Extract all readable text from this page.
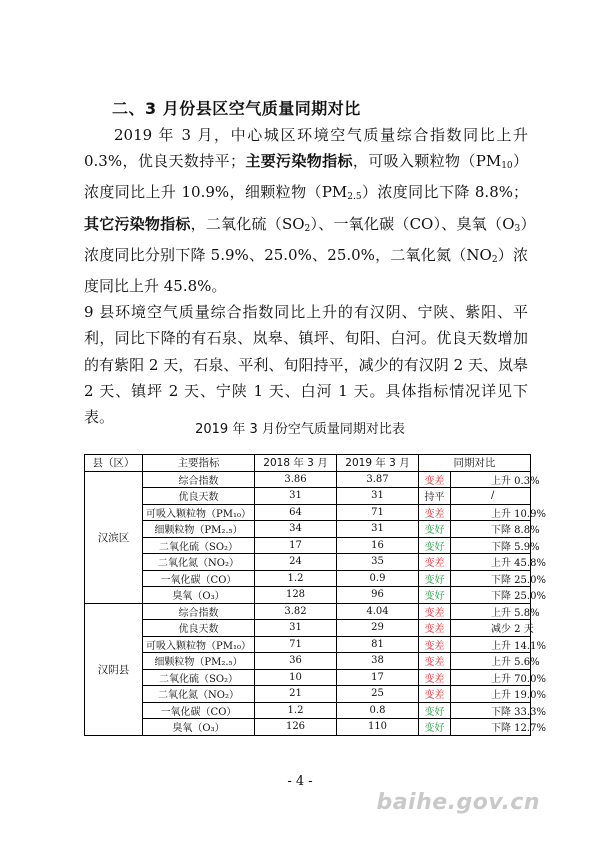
二、3 月份县区空气质量同期对比

2019 年 3 月，中心城区环境空气质量综合指数同比上升 0.3%，优良天数持平；主要污染物指标，可吸入颗粒物$(PM_{10})$浓度同比上升 10.9%，细颗粒物$(PM_{2.5})$浓度同比下降 8.8%；其它污染物指标，二氧化硫$(SO_2)$、一氧化碳（CO）、臭氧$(O_3)$浓度同比分别下降 5.9%、25.0%、25.0%，二氧化氮$(NO_2)$浓度同比上升 45.8%。

9 县环境空气质量综合指数同比上升的有汉阴、宁陕、紫阳、平利，同比下降的有石泉、岚皋、镇坪、旬阳、白河。优良天数增加的有紫阳 2 天，石泉、平利、旬阳持平，减少的有汉阴 2 天、岚皋 2 天、镇坪 2 天、宁陕 1 天、白河 1 天。具体指标情况详见下表。

2019 年 3 月份空气质量同期对比表
县（区）	主要指标	2018 年 3 月	2019 年 3 月	同期对比	
汉滨区	综合指数	3.86	3.87	变差	上升 0.3%
	优良天数	31	31	持平	/
	可吸入颗粒物（PM₁₀）	64	71	变差	上升 10.9%
	细颗粒物（PM₂.₅）	34	31	变好	下降 8.8%
	二氧化硫（SO₂）	17	16	变好	下降 5.9%
	二氧化氮（NO₂）	24	35	变差	上升 45.8%
	一氧化碳（CO）	1.2	0.9	变好	下降 25.0%
	臭氧（O₃）	128	96	变好	下降 25.0%
汉阴县	综合指数	3.82	4.04	变差	上升 5.8%
	优良天数	31	29	变差	减少 2 天
	可吸入颗粒物（PM₁₀）	71	81	变差	上升 14.1%
	细颗粒物（PM₂.₅）	36	38	变差	上升 5.6%
	二氧化硫（SO₂）	10	17	变差	上升 70.0%
	二氧化氮（NO₂）	21	25	变差	上升 19.0%
	一氧化碳（CO）	1.2	0.8	变好	下降 33.3%
	臭氧（O₃）	126	110	变好	下降 12.7%
- 4 -
baihe.gov.cn
